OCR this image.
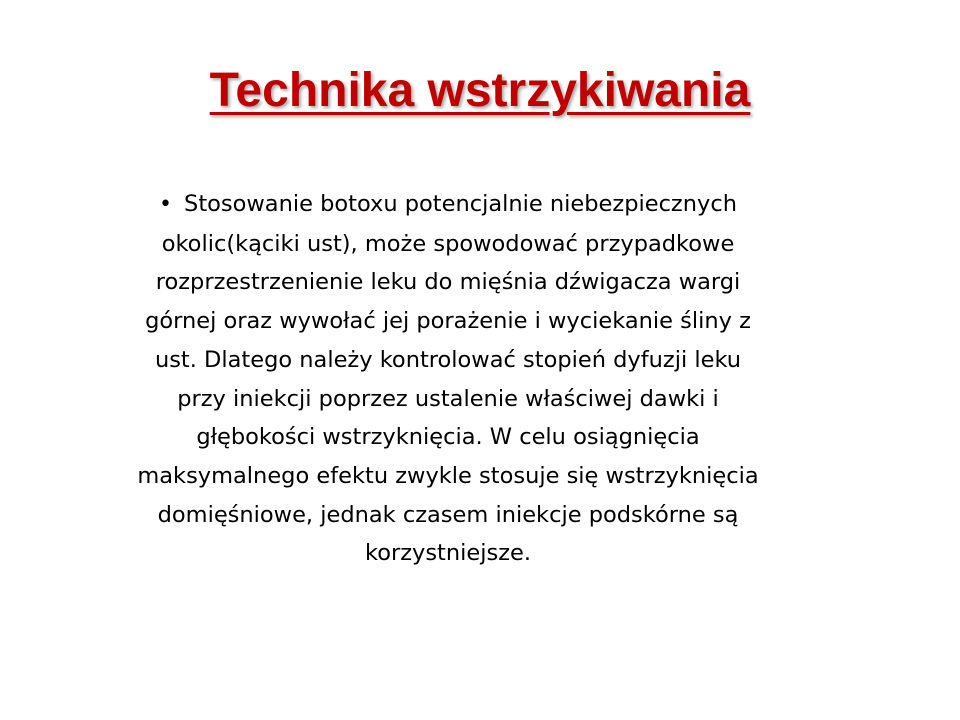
Technika wstrzykiwania

• Stosowanie botoxu potencjalnie niebezpiecznych okolic(kąciki ust), może spowodować przypadkowe rozprzestrzenienie leku do mięśnia dźwigacza wargi górnej oraz wywołać jej porażenie i wyciekanie śliny z ust. Dlatego należy kontrolować stopień dyfuzji leku przy iniekcji poprzez ustalenie właściwej dawki i głębokości wstrzyknięcia. W celu osiągnięcia maksymalnego efektu zwykle stosuje się wstrzyknięcia domięśniowe, jednak czasem iniekcje podskórne są korzystniejsze.
